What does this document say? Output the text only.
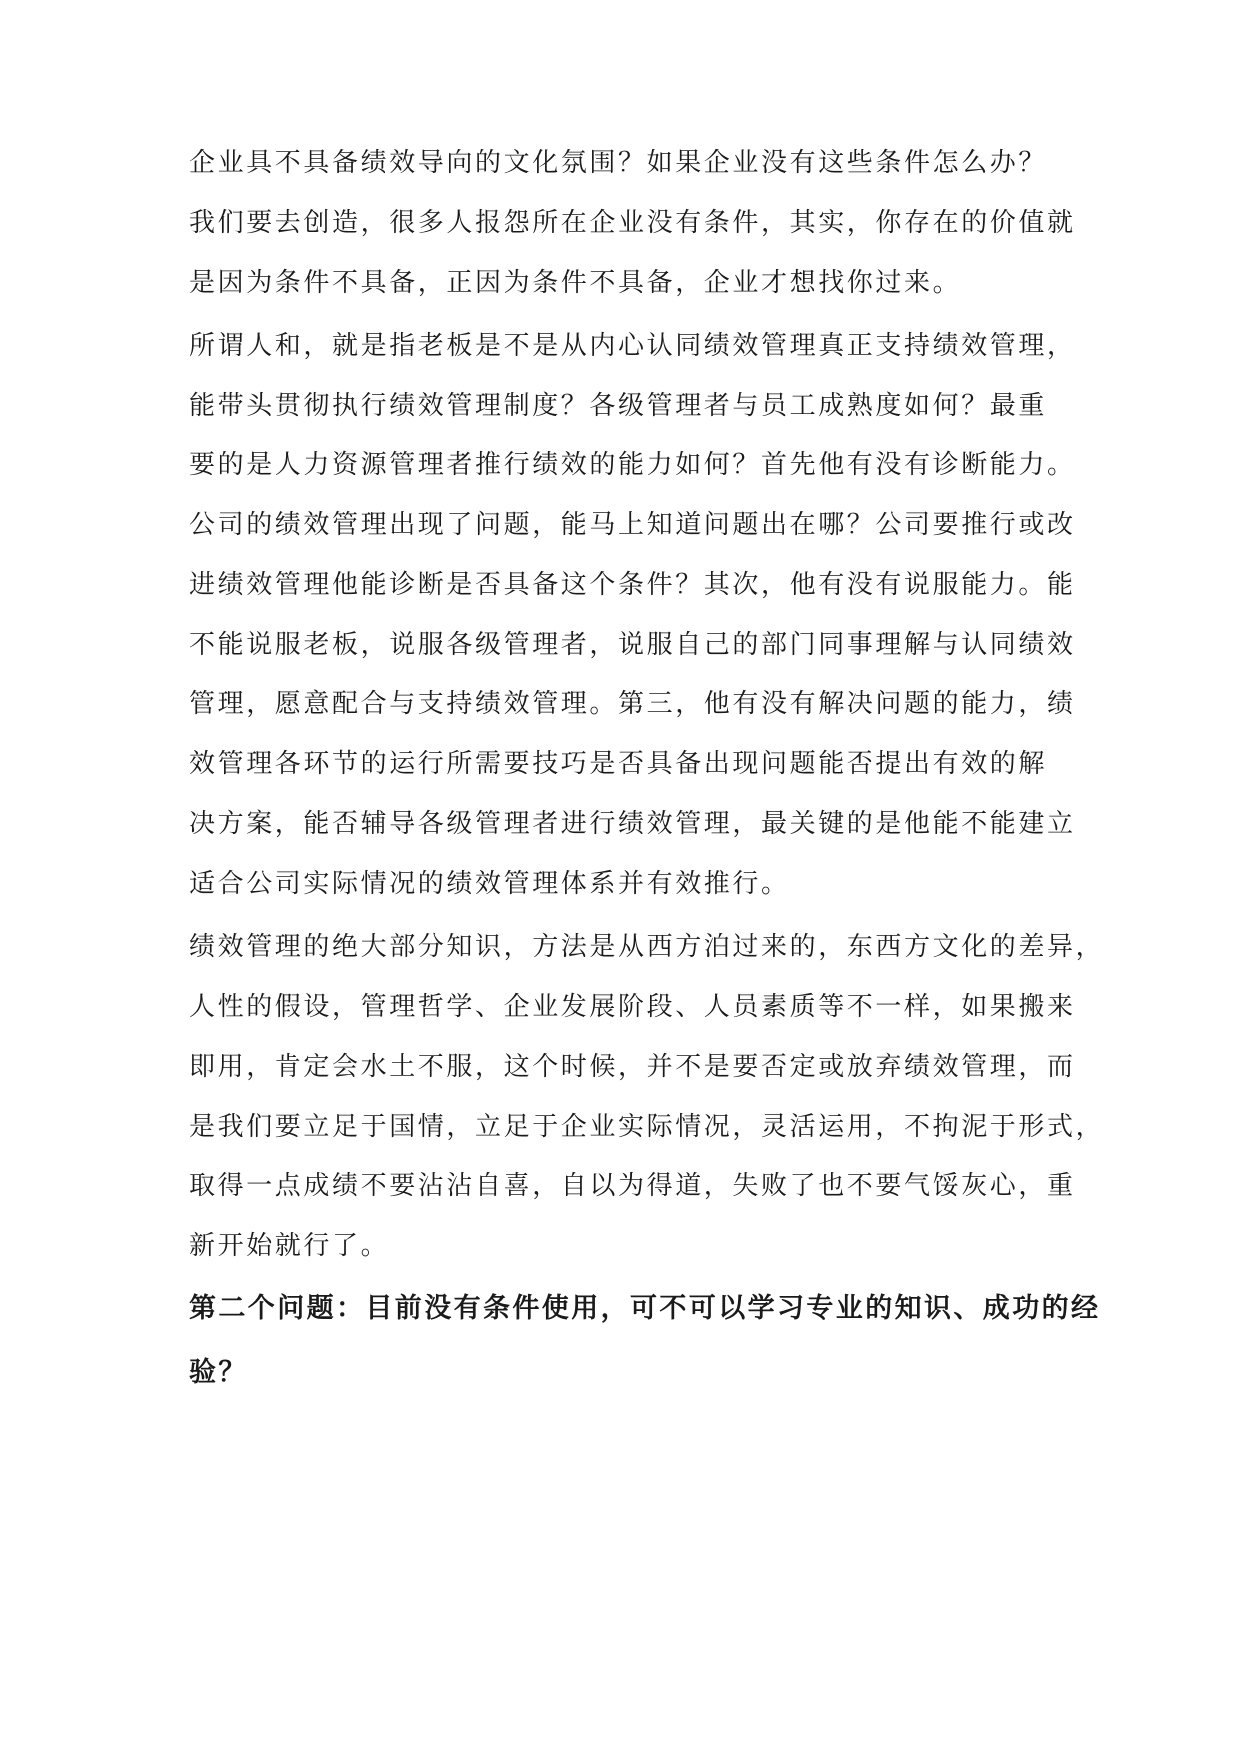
企业具不具备绩效导向的文化氛围？如果企业没有这些条件怎么办？

我们要去创造，很多人报怨所在企业没有条件，其实，你存在的价值就

是因为条件不具备，正因为条件不具备，企业才想找你过来。

所谓人和，就是指老板是不是从内心认同绩效管理真正支持绩效管理，

能带头贯彻执行绩效管理制度？各级管理者与员工成熟度如何？最重

要的是人力资源管理者推行绩效的能力如何？首先他有没有诊断能力。

公司的绩效管理出现了问题，能马上知道问题出在哪？公司要推行或改

进绩效管理他能诊断是否具备这个条件？其次，他有没有说服能力。能

不能说服老板，说服各级管理者，说服自己的部门同事理解与认同绩效

管理，愿意配合与支持绩效管理。第三，他有没有解决问题的能力，绩

效管理各环节的运行所需要技巧是否具备出现问题能否提出有效的解

决方案，能否辅导各级管理者进行绩效管理，最关键的是他能不能建立

适合公司实际情况的绩效管理体系并有效推行。

绩效管理的绝大部分知识，方法是从西方泊过来的，东西方文化的差异，

人性的假设，管理哲学、企业发展阶段、人员素质等不一样，如果搬来

即用，肯定会水土不服，这个时候，并不是要否定或放弃绩效管理，而

是我们要立足于国情，立足于企业实际情况，灵活运用，不拘泥于形式，

取得一点成绩不要沾沾自喜，自以为得道，失败了也不要气馁灰心，重

新开始就行了。

第二个问题：目前没有条件使用，可不可以学习专业的知识、成功的经

验？
